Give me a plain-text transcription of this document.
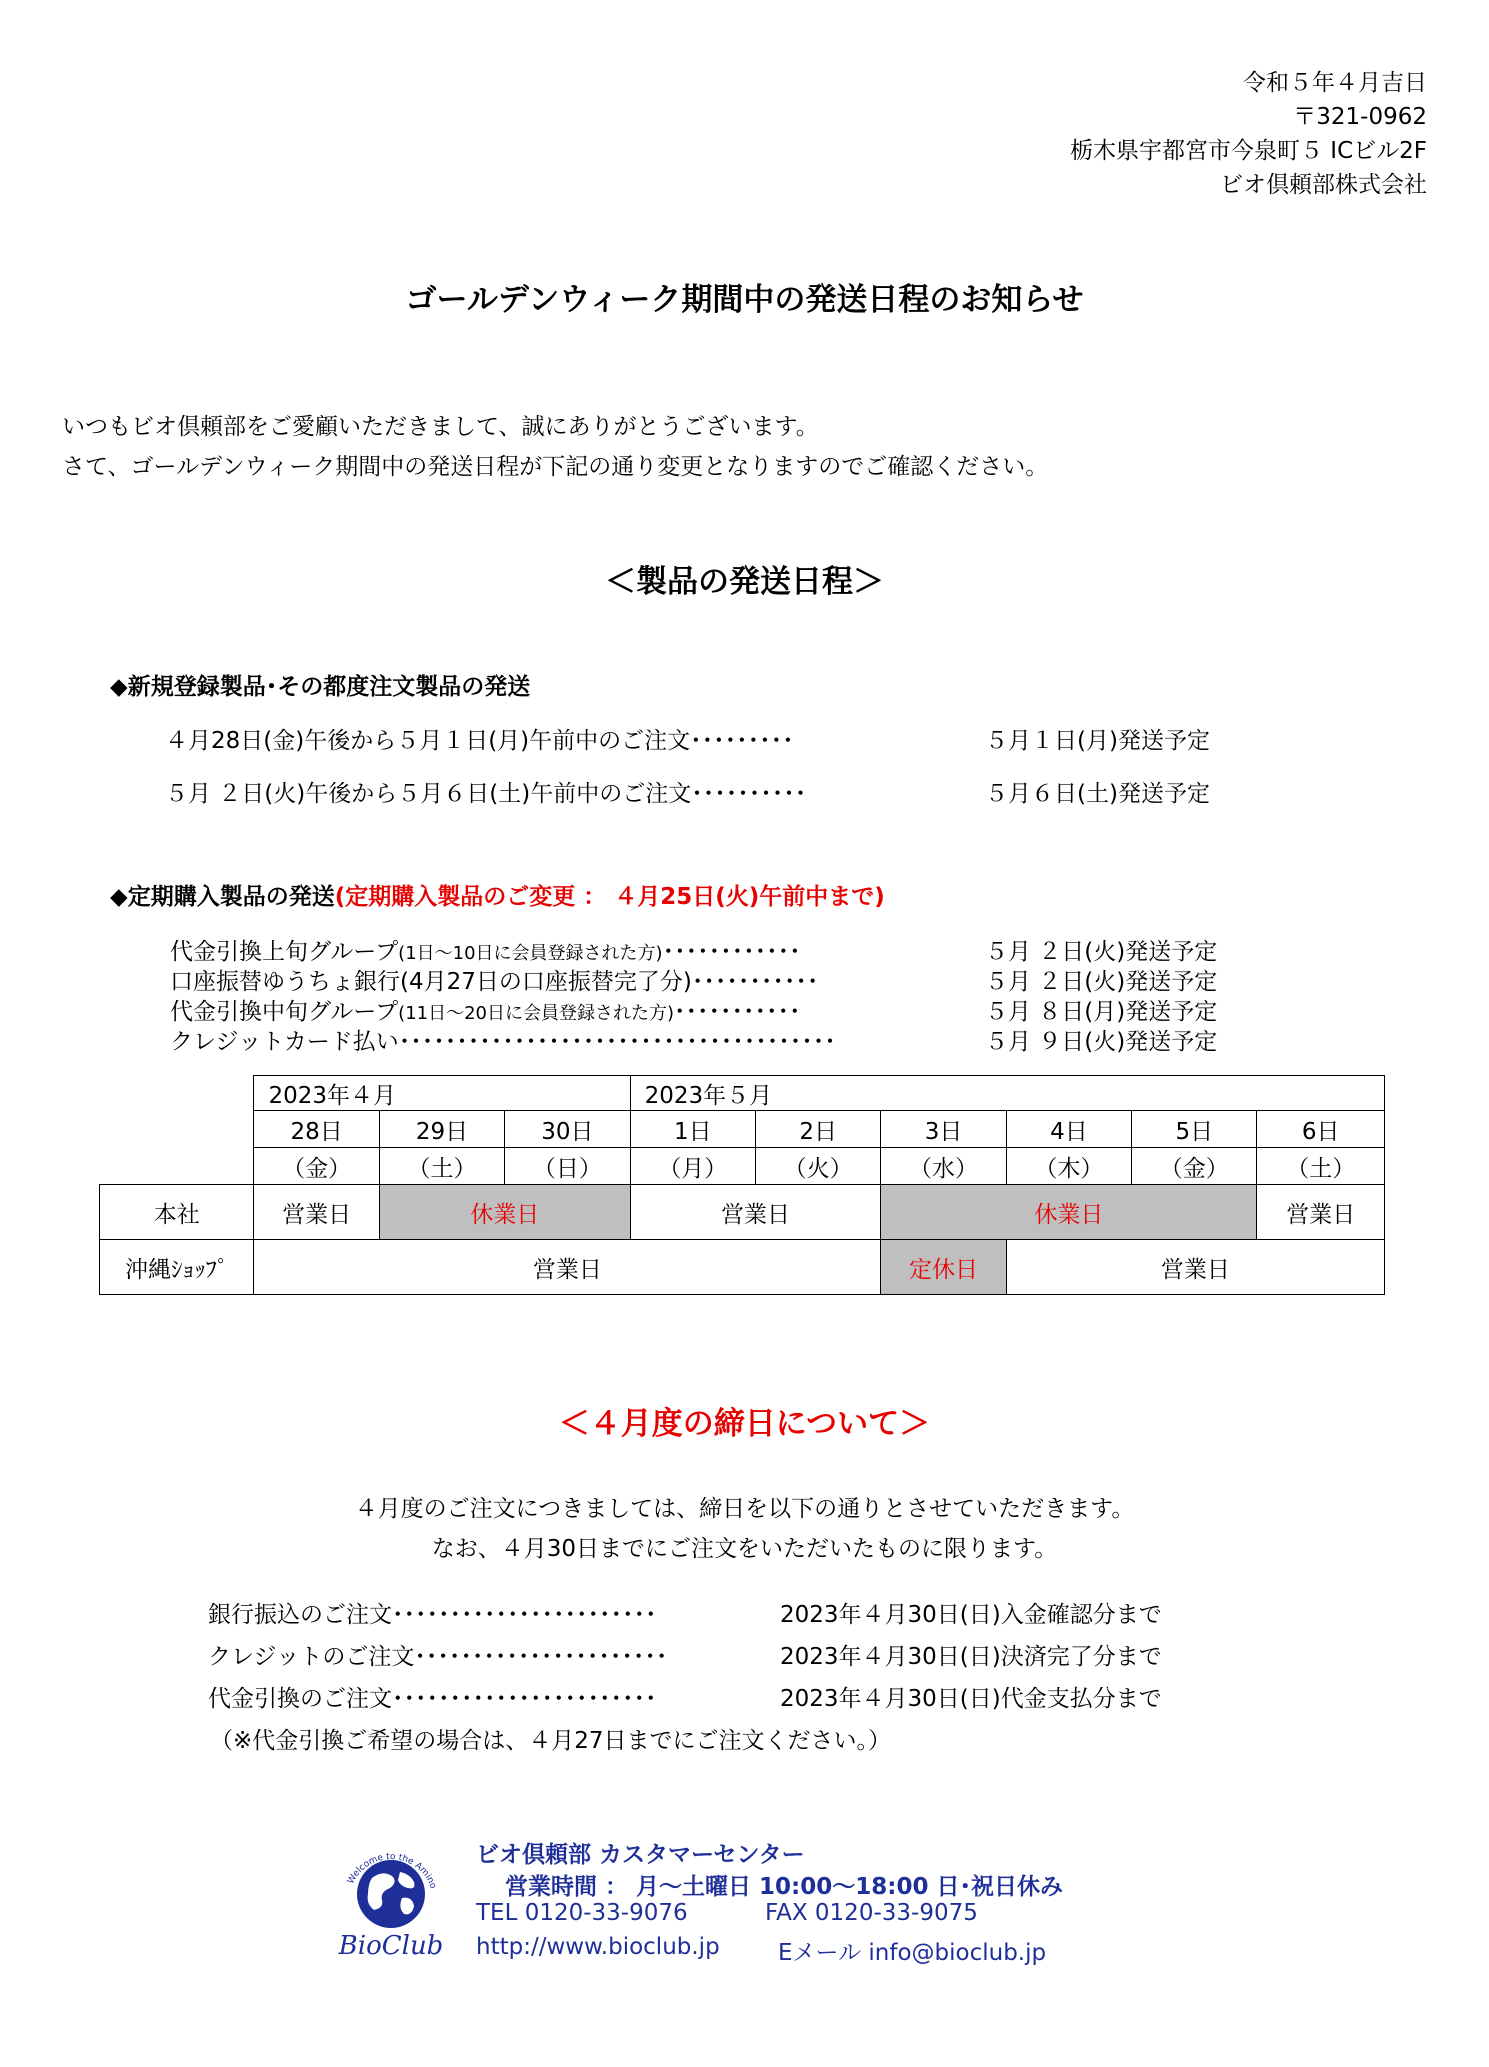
令和５年４月吉日
〒321-0962
栃木県宇都宮市今泉町５ ICビル2F
ビオ倶頼部株式会社
ゴールデンウィーク期間中の発送日程のお知らせ
いつもビオ倶頼部をご愛顧いただきまして、誠にありがとうございます。
さて、ゴールデンウィーク期間中の発送日程が下記の通り変更となりますのでご確認ください。
＜製品の発送日程＞
◆新規登録製品･その都度注文製品の発送
４月28日(金)午後から５月１日(月)午前中のご注文･････････	５月１日(月)発送予定
５月 ２日(火)午後から５月６日(土)午前中のご注文･･････････	５月６日(土)発送予定
◆定期購入製品の発送(定期購入製品のご変更 ： ４月25日(火)午前中まで)
代金引換上旬グループ(1日～10日に会員登録された方)････････････	５月 ２日(火)発送予定
口座振替ゆうちょ銀行(4月27日の口座振替完了分)･･･････････	５月 ２日(火)発送予定
代金引換中旬グループ(11日～20日に会員登録された方)･･･････････	５月 ８日(月)発送予定
クレジットカード払い･･････････････････････････････････････	５月 ９日(火)発送予定
	2023年４月			2023年５月					
	28日	29日	30日	1日	2日	3日	4日	5日	6日
	（金）	（土）	（日）	（月）	（火）	（水）	（木）	（金）	（土）
本社	営業日	休業日		営業日		休業日			営業日
沖縄ｼｮｯﾌﾟ	営業日					定休日	営業日		
＜４月度の締日について＞
４月度のご注文につきましては、締日を以下の通りとさせていただきます。
なお、４月30日までにご注文をいただいたものに限ります。
銀行振込のご注文･･･････････････････････	2023年４月30日(日)入金確認分まで
クレジットのご注文･･････････････････････	2023年４月30日(日)決済完了分まで
代金引換のご注文･･･････････････････････	2023年４月30日(日)代金支払分まで
（※代金引換ご希望の場合は、４月27日までにご注文ください。）
Welcome to the Amino
BioClub
ビオ倶頼部 カスタマーセンター
営業時間 ： 月～土曜日 10:00～18:00 日･祝日休み
TEL 0120-33-9076	FAX 0120-33-9075
http://www.bioclub.jp	Eメール info@bioclub.jp
